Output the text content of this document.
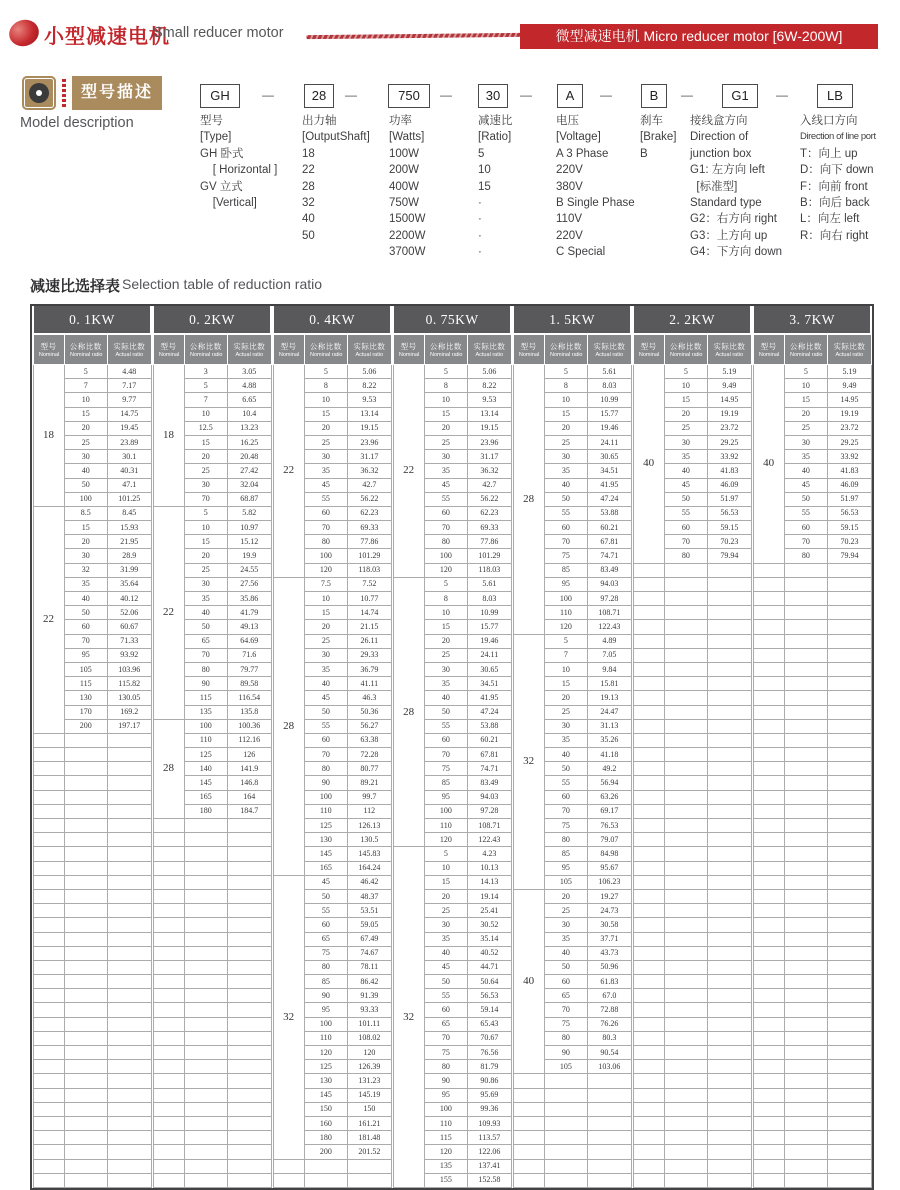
小型减速电机
Small reducer motor	微型减速电机 Micro reducer motor [6W-200W]
型号描述
Model description
GH	—	28	—	750	—	30	—	A	—	B	—	G1	—	LB
型号
[Type]
GH 卧式
[ Horizontal ]
GV 立式
[Vertical]
出力轴
[OutputShaft]
18
22
28
32
40
50
功率
[Watts]
100W
200W
400W
750W
1500W
2200W
3700W
减速比
[Ratio]
5
10
15
·
·
·
·
电压
[Voltage]
A 3 Phase
220V
380V
B Single Phase
110V
220V
C Special
刹车
[Brake]
B
接线盒方向
Direction of
junction box
G1: 左方向 left
[标准型]
Standard type
G2：右方向 right
G3：上方向 up
G4：下方向 down
入线口方向
Direction of line port
T：向上 up
D：向下 down
F：向前 front
B：向后 back
L：向左 left
R：向右 right
减速比选择表 Selection table of reduction ratio
0. 1KW		

型号
Nominal

公称比数
Nominal ratio

实际比数
Actual ratio

18	5	4.48
	7	7.17
	10	9.77
	15	14.75
	20	19.45
	25	23.89
	30	30.1
	40	40.31
	50	47.1
	100	101.25
22	8.5	8.45
	15	15.93
	20	21.95
	30	28.9
	32	31.99
	35	35.64
	40	40.12
	50	52.06
	60	60.67
	70	71.33
	95	93.92
	105	103.96
	115	115.82
	130	130.05
	170	169.2
	200	197.17

0. 2KW		

型号
Nominal

公称比数
Nominal ratio

实际比数
Actual ratio

18	3	3.05
	5	4.88
	7	6.65
	10	10.4
	12.5	13.23
	15	16.25
	20	20.48
	25	27.42
	30	32.04
	70	68.87
22	5	5.82
	10	10.97
	15	15.12
	20	19.9
	25	24.55
	30	27.56
	35	35.86
	40	41.79
	50	49.13
	65	64.69
	70	71.6
	80	79.77
	90	89.58
	115	116.54
	135	135.8
28	100	100.36
	110	112.16
	125	126
	140	141.9
	145	146.8
	165	164
	180	184.7

0. 4KW		

型号
Nominal

公称比数
Nominal ratio

实际比数
Actual ratio

22	5	5.06
	8	8.22
	10	9.53
	15	13.14
	20	19.15
	25	23.96
	30	31.17
	35	36.32
	45	42.7
	55	56.22
	60	62.23
	70	69.33
	80	77.86
	100	101.29
	120	118.03
28	7.5	7.52
	10	10.77
	15	14.74
	20	21.15
	25	26.11
	30	29.33
	35	36.79
	40	41.11
	45	46.3
	50	50.36
	55	56.27
	60	63.38
	70	72.28
	80	80.77
	90	89.21
	100	99.7
	110	112
	125	126.13
	130	130.5
	145	145.83
	165	164.24
32	45	46.42
	50	48.37
	55	53.51
	60	59.05
	65	67.49
	75	74.67
	80	78.11
	85	86.42
	90	91.39
	95	93.33
	100	101.11
	110	108.02
	120	120
	125	126.39
	130	131.23
	145	145.19
	150	150
	160	161.21
	180	181.48
	200	201.52

0. 75KW		

型号
Nominal

公称比数
Nominal ratio

实际比数
Actual ratio

22	5	5.06
	8	8.22
	10	9.53
	15	13.14
	20	19.15
	25	23.96
	30	31.17
	35	36.32
	45	42.7
	55	56.22
	60	62.23
	70	69.33
	80	77.86
	100	101.29
	120	118.03
28	5	5.61
	8	8.03
	10	10.99
	15	15.77
	20	19.46
	25	24.11
	30	30.65
	35	34.51
	40	41.95
	50	47.24
	55	53.88
	60	60.21
	70	67.81
	75	74.71
	85	83.49
	95	94.03
	100	97.28
	110	108.71
	120	122.43
32	5	4.23
	10	10.13
	15	14.13
	20	19.14
	25	25.41
	30	30.52
	35	35.14
	40	40.52
	45	44.71
	50	50.64
	55	56.53
	60	59.14
	65	65.43
	70	70.67
	75	76.56
	80	81.79
	90	90.86
	95	95.69
	100	99.36
	110	109.93
	115	113.57
	120	122.06
	135	137.41
	155	152.58
1. 5KW		

型号
Nominal

公称比数
Nominal ratio

实际比数
Actual ratio

28	5	5.61
	8	8.03
	10	10.99
	15	15.77
	20	19.46
	25	24.11
	30	30.65
	35	34.51
	40	41.95
	50	47.24
	55	53.88
	60	60.21
	70	67.81
	75	74.71
	85	83.49
	95	94.03
	100	97.28
	110	108.71
	120	122.43
32	5	4.89
	7	7.05
	10	9.84
	15	15.81
	20	19.13
	25	24.47
	30	31.13
	35	35.26
	40	41.18
	50	49.2
	55	56.94
	60	63.26
	70	69.17
	75	76.53
	80	79.07
	85	84.98
	95	95.67
	105	106.23
40	20	19.27
	25	24.73
	30	30.58
	35	37.71
	40	43.73
	50	50.96
	60	61.83
	65	67.0
	70	72.88
	75	76.26
	80	80.3
	90	90.54
	105	103.06

2. 2KW		

型号
Nominal

公称比数
Nominal ratio

实际比数
Actual ratio

40	5	5.19
	10	9.49
	15	14.95
	20	19.19
	25	23.72
	30	29.25
	35	33.92
	40	41.83
	45	46.09
	50	51.97
	55	56.53
	60	59.15
	70	70.23
	80	79.94

3. 7KW		

型号
Nominal

公称比数
Nominal ratio

实际比数
Actual ratio

40	5	5.19
	10	9.49
	15	14.95
	20	19.19
	25	23.72
	30	29.25
	35	33.92
	40	41.83
	45	46.09
	50	51.97
	55	56.53
	60	59.15
	70	70.23
	80	79.94
